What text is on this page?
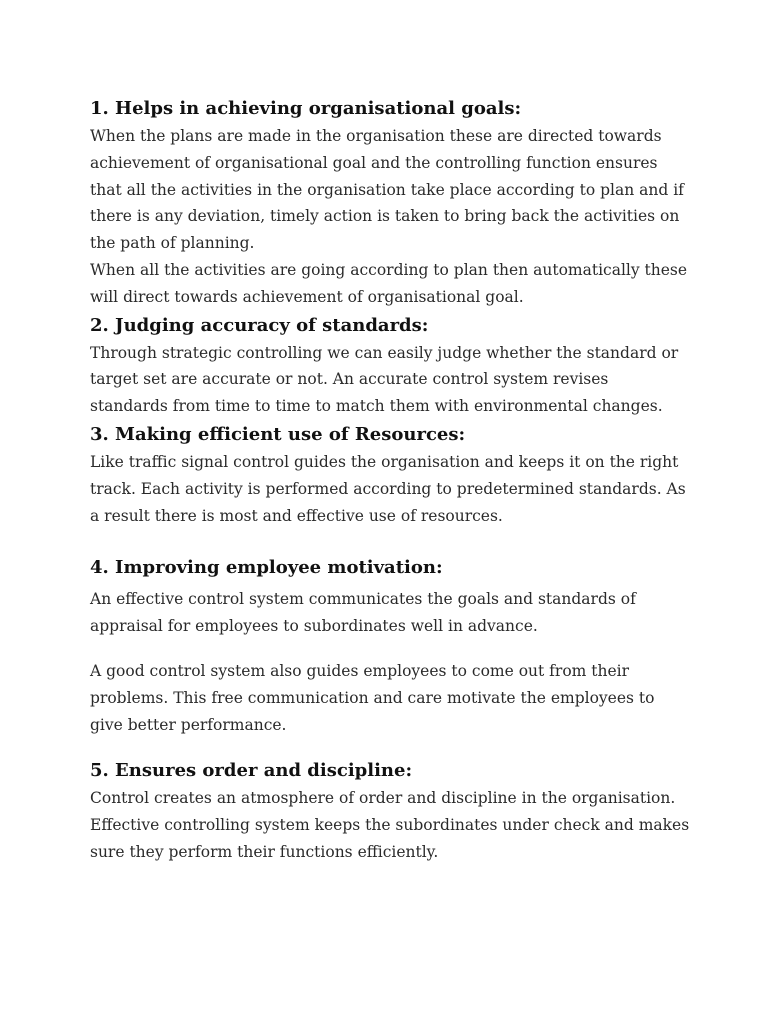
1. Helps in achieving organisational goals:

When the plans are made in the organisation these are directed towards achievement of organisational goal and the controlling function ensures that all the activities in the organisation take place according to plan and if there is any deviation, timely action is taken to bring back the activities on the path of planning.

When all the activities are going according to plan then automatically these will direct towards achievement of organisational goal.

2. Judging accuracy of standards:

Through strategic controlling we can easily judge whether the standard or target set are accurate or not. An accurate control system revises standards from time to time to match them with environmental changes.

3. Making efficient use of Resources:

Like traffic signal control guides the organisation and keeps it on the right track. Each activity is performed according to predetermined standards. As a result there is most and effective use of resources.

4. Improving employee motivation:

An effective control system communicates the goals and standards of appraisal for employees to subordinates well in advance.

A good control system also guides employees to come out from their problems. This free communication and care motivate the employees to give better performance.

5. Ensures order and discipline:

Control creates an atmosphere of order and discipline in the organisation. Effective controlling system keeps the subordinates under check and makes sure they perform their functions efficiently.
